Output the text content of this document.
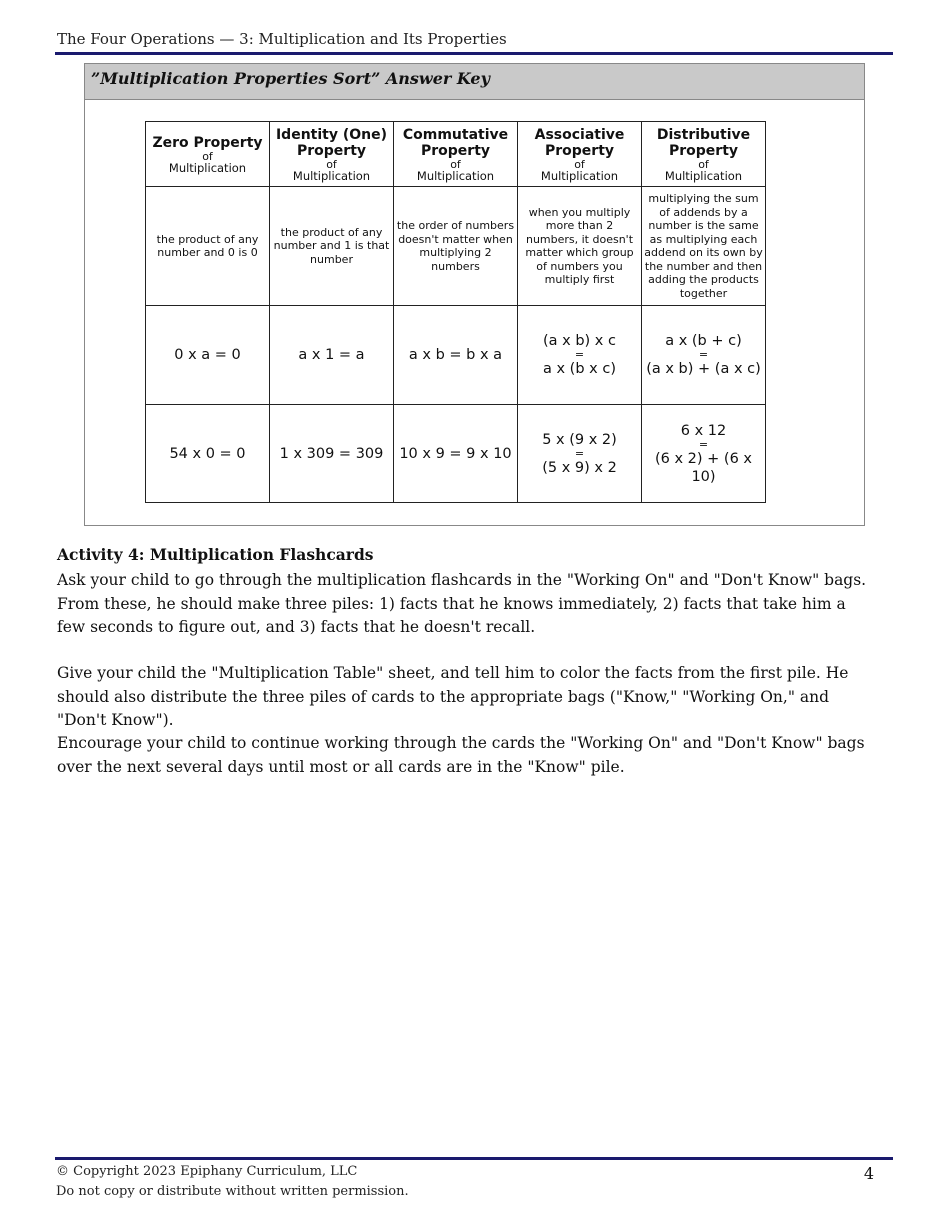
The Four Operations — 3: Multiplication and Its Properties
”Multiplication Properties Sort” Answer Key
Zero Property
of
Multiplication	Identity (One) Property
of
Multiplication	Commutative Property
of
Multiplication	Associative Property
of
Multiplication	Distributive Property
of
Multiplication

the product of any number and 0 is 0	the product of any number and 1 is that number	the order of numbers doesn't matter when multiplying 2 numbers	when you multiply more than 2 numbers, it doesn't matter which group of numbers you multiply first	multiplying the sum of addends by a number is the same as multiplying each addend on its own by the number and then adding the products together

0 x a = 0	a x 1 = a	a x b = b x a	(a x b) x c
=
a x (b x c)	a x (b + c)
=
(a x b) + (a x c)

54 x 0 = 0	1 x 309 = 309	10 x 9 = 9 x 10	5 x (9 x 2)
=
(5 x 9) x 2	6 x 12
=
(6 x 2) + (6 x 10)
Activity 4: Multiplication Flashcards

Ask your child to go through the multiplication flashcards in the "Working On" and "Don't Know" bags. From these, he should make three piles: 1) facts that he knows immediately, 2) facts that take him a few seconds to figure out, and 3) facts that he doesn't recall.

Give your child the "Multiplication Table" sheet, and tell him to color the facts from the first pile. He should also distribute the three piles of cards to the appropriate bags ("Know," "Working On," and "Don't Know").

Encourage your child to continue working through the cards the "Working On" and "Don't Know" bags over the next several days until most or all cards are in the "Know" pile.

© Copyright 2023 Epiphany Curriculum, LLC
Do not copy or distribute without written permission.
4
